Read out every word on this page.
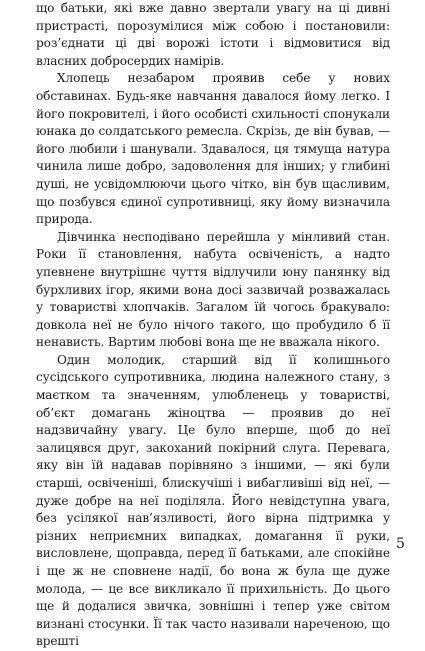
що батьки, які вже давно звертали увагу на ці дивні пристрасті, порозумілися між собою і постановили: роз’єднати ці дві ворожі істоти і відмовитися від власних добросердих намірів.

Хлопець незабаром проявив себе у нових обставинах. Будь-яке навчання давалося йому легко. І його покровителі, і його особисті схильності спонукали юнака до солдатського ремесла. Скрізь, де він бував, — його любили і шанували. Здавалося, ця тямуща натура чинила лише добро, задоволення для інших; у глибині душі, не усвідомлюючи цього чітко, він був щасливим, що позбувся єдиної супротивниці, яку йому визначила природа.

Дівчинка несподівано перейшла у мінливий стан. Роки її становлення, набута освіченість, а надто упевнене внутрішнє чуття відлучили юну панянку від бурхливих ігор, якими вона досі зазвичай розважалась у товаристві хлопчаків. Загалом їй чогось бракувало: довкола неї не було нічого такого, що пробудило б її ненависть. Вартим любові вона ще не вважала нікого.

Один молодик, старший від її колишнього сусідського супротивника, людина належного стану, з маєтком та значенням, улюбленець у товаристві, об’єкт домагань жіноцтва — проявив до неї надзвичайну увагу. Це було вперше, щоб до неї залицявся друг, закоханий покірний слуга. Перевага, яку він їй надавав порівняно з іншими, — які були старші, освіченіші, блискучіші і вибагливіші від неї, — дуже добре на неї поділяла. Його невідступна увага, без усілякої нав’язливості, його вірна підтримка у різних неприємних випадках, домагання її руки, висловлене, щоправда, перед її батьками, але спокійне і ще ж не сповнене надії, бо вона ж була ще дуже молода, — це все викликало її прихильність. До цього ще й додалися звичка, зовнішні і тепер уже світом визнані стосунки. Її так часто називали нареченою, що врешті

5
